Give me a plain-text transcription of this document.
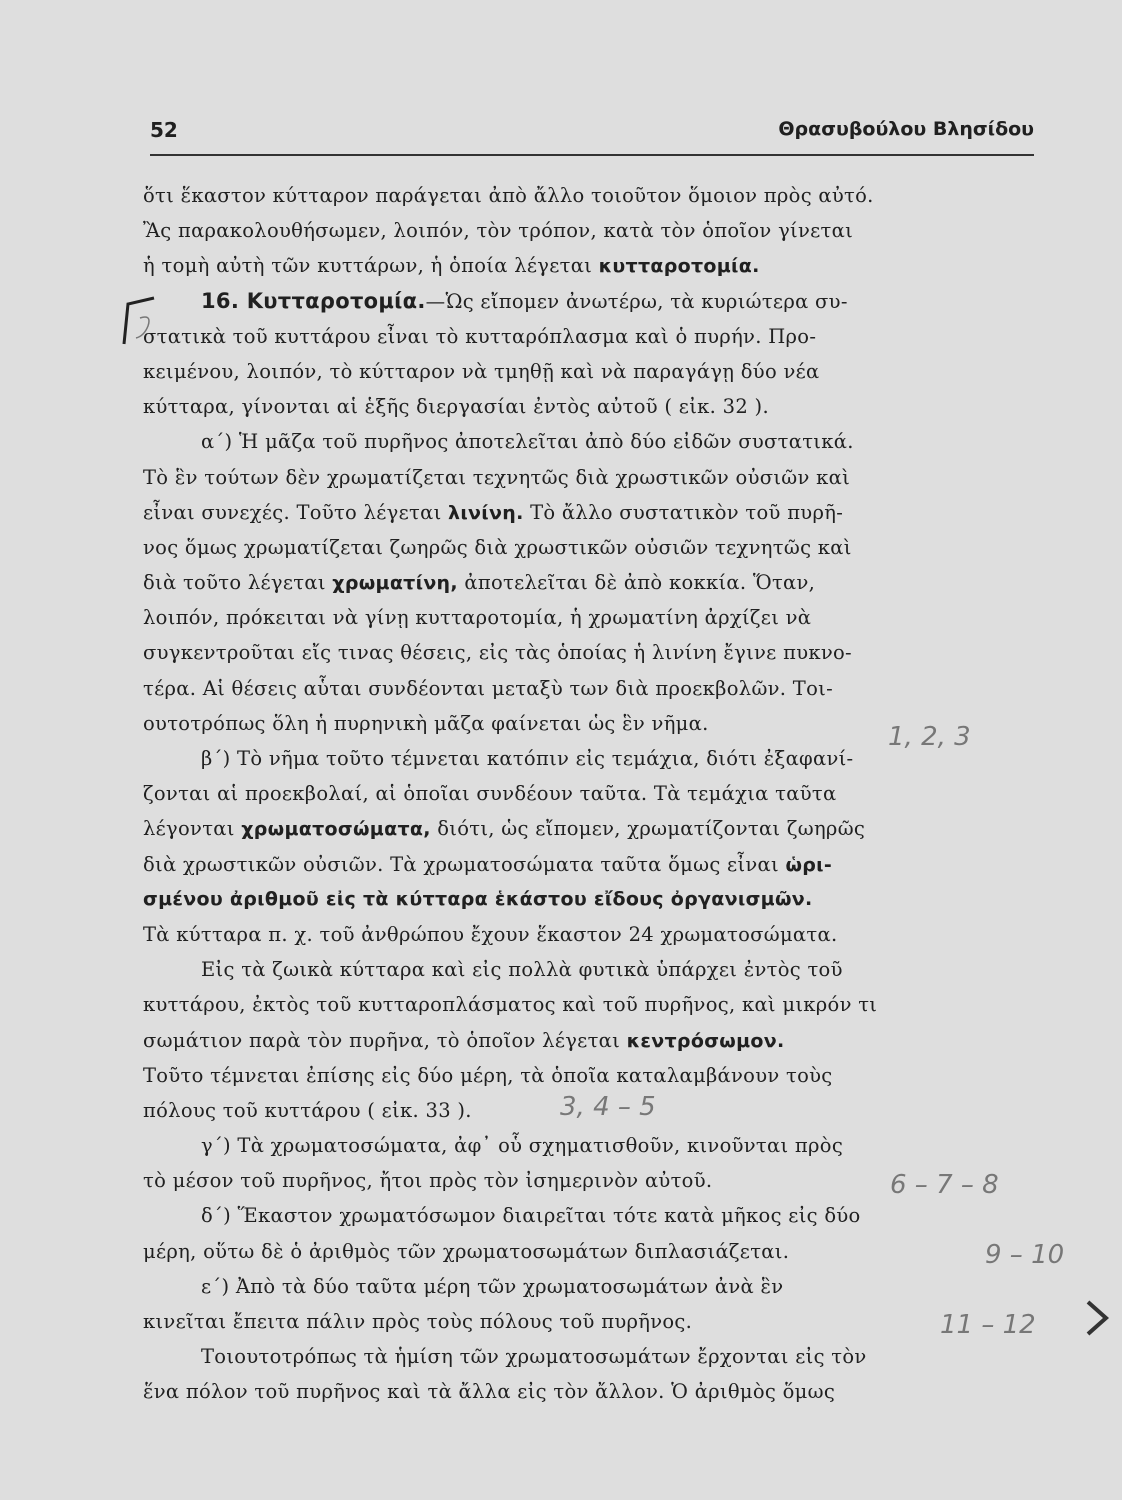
52	Θρασυβούλου Βλησίδου
ὅτι ἕκαστον κύτταρον παράγεται ἀπὸ ἄλλο τοιοῦτον ὅμοιον πρὸς αὐτό.
Ἂς παρακολουθήσωμεν, λοιπόν, τὸν τρόπον, κατὰ τὸν ὁποῖον γίνεται
ἡ τομὴ αὐτὴ τῶν κυττάρων, ἡ ὁποία λέγεται κυτταροτομία.
16. Κυτταροτομία.—Ὡς εἴπομεν ἀνωτέρω, τὰ κυριώτερα συ-
στατικὰ τοῦ κυττάρου εἶναι τὸ κυτταρόπλασμα καὶ ὁ πυρήν. Προ-
κειμένου, λοιπόν, τὸ κύτταρον νὰ τμηθῇ καὶ νὰ παραγάγῃ δύο νέα
κύτταρα, γίνονται αἱ ἑξῆς διεργασίαι ἐντὸς αὐτοῦ ( εἰκ. 32 ).
α΄) Ἡ μᾶζα τοῦ πυρῆνος ἀποτελεῖται ἀπὸ δύο εἰδῶν συστατικά.
Τὸ ἓν τούτων δὲν χρωματίζεται τεχνητῶς διὰ χρωστικῶν οὐσιῶν καὶ
εἶναι συνεχές. Τοῦτο λέγεται λινίνη. Τὸ ἄλλο συστατικὸν τοῦ πυρῆ-
νος ὅμως χρωματίζεται ζωηρῶς διὰ χρωστικῶν οὐσιῶν τεχνητῶς καὶ
διὰ τοῦτο λέγεται χρωματίνη, ἀποτελεῖται δὲ ἀπὸ κοκκία. Ὅταν,
λοιπόν, πρόκειται νὰ γίνῃ κυτταροτομία, ἡ χρωματίνη ἀρχίζει νὰ
συγκεντροῦται εἴς τινας θέσεις, εἰς τὰς ὁποίας ἡ λινίνη ἔγινε πυκνο-
τέρα. Αἱ θέσεις αὗται συνδέονται μεταξὺ των διὰ προεκβολῶν. Τοι-
ουτοτρόπως ὅλη ἡ πυρηνικὴ μᾶζα φαίνεται ὡς ἓν νῆμα.
β΄) Τὸ νῆμα τοῦτο τέμνεται κατόπιν εἰς τεμάχια, διότι ἐξαφανί-
ζονται αἱ προεκβολαί, αἱ ὁποῖαι συνδέουν ταῦτα. Τὰ τεμάχια ταῦτα
λέγονται χρωματοσώματα, διότι, ὡς εἴπομεν, χρωματίζονται ζωηρῶς
διὰ χρωστικῶν οὐσιῶν. Τὰ χρωματοσώματα ταῦτα ὅμως εἶναι ὡρι-
σμένου ἀριθμοῦ εἰς τὰ κύτταρα ἑκάστου εἴδους ὀργανισμῶν.
Τὰ κύτταρα π. χ. τοῦ ἀνθρώπου ἔχουν ἕκαστον 24 χρωματοσώματα.
Εἰς τὰ ζωικὰ κύτταρα καὶ εἰς πολλὰ φυτικὰ ὑπάρχει ἐντὸς τοῦ
κυττάρου, ἐκτὸς τοῦ κυτταροπλάσματος καὶ τοῦ πυρῆνος, καὶ μικρόν τι
σωμάτιον παρὰ τὸν πυρῆνα, τὸ ὁποῖον λέγεται κεντρόσωμον.
Τοῦτο τέμνεται ἐπίσης εἰς δύο μέρη, τὰ ὁποῖα καταλαμβάνουν τοὺς
πόλους τοῦ κυττάρου ( εἰκ. 33 ).
γ΄) Τὰ χρωματοσώματα, ἀφ᾽ οὗ σχηματισθοῦν, κινοῦνται πρὸς
τὸ μέσον τοῦ πυρῆνος, ἤτοι πρὸς τὸν ἰσημερινὸν αὐτοῦ.
δ΄) Ἕκαστον χρωματόσωμον διαιρεῖται τότε κατὰ μῆκος εἰς δύο
μέρη, οὕτω δὲ ὁ ἀριθμὸς τῶν χρωματοσωμάτων διπλασιάζεται.
ε΄) Ἀπὸ τὰ δύο ταῦτα μέρη τῶν χρωματοσωμάτων ἀνὰ ἓν
κινεῖται ἔπειτα πάλιν πρὸς τοὺς πόλους τοῦ πυρῆνος.
Τοιουτοτρόπως τὰ ἡμίση τῶν χρωματοσωμάτων ἔρχονται εἰς τὸν
ἕνα πόλον τοῦ πυρῆνος καὶ τὰ ἄλλα εἰς τὸν ἄλλον. Ὁ ἀριθμὸς ὅμως
1, 2, 3
3, 4 – 5
6 – 7 – 8
9 – 10
11 – 12
